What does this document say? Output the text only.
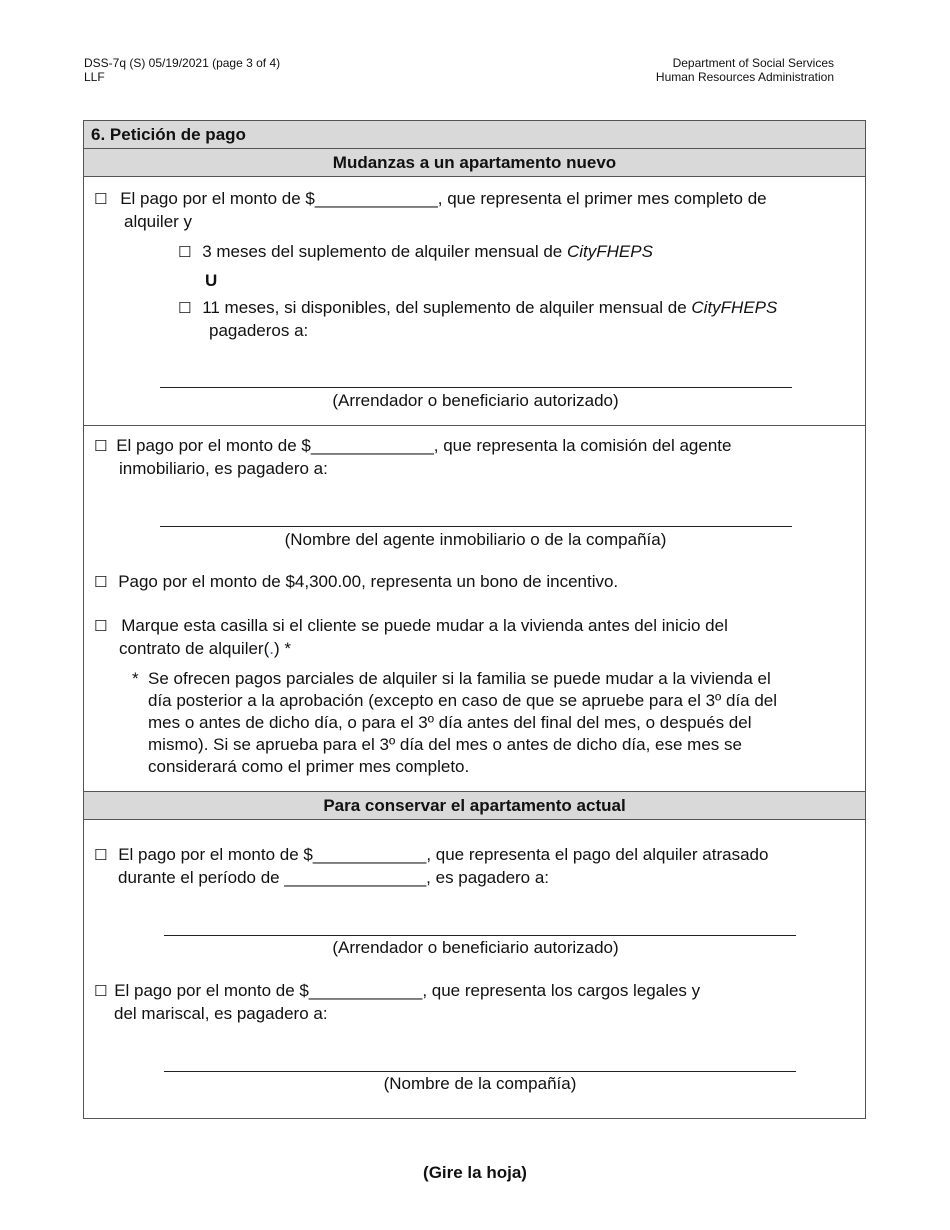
DSS-7q (S) 05/19/2021 (page 3 of 4)
LLF
Department of Social Services
Human Resources Administration
6. Petición de pago
Mudanzas a un apartamento nuevo
☐ El pago por el monto de $_____________, que representa el primer mes completo de
alquiler y
☐ 3 meses del suplemento de alquiler mensual de CityFHEPS
U
☐ 11 meses, si disponibles, del suplemento de alquiler mensual de CityFHEPS
pagaderos a:
(Arrendador o beneficiario autorizado)
☐ El pago por el monto de $_____________, que representa la comisión del agente
inmobiliario, es pagadero a:
(Nombre del agente inmobiliario o de la compañía)
☐ Pago por el monto de $4,300.00, representa un bono de incentivo.
☐ Marque esta casilla si el cliente se puede mudar a la vivienda antes del inicio del
contrato de alquiler(.) *
* Se ofrecen pagos parciales de alquiler si la familia se puede mudar a la vivienda el
día posterior a la aprobación (excepto en caso de que se apruebe para el 3º día del
mes o antes de dicho día, o para el 3º día antes del final del mes, o después del
mismo). Si se aprueba para el 3º día del mes o antes de dicho día, ese mes se
considerará como el primer mes completo.
Para conservar el apartamento actual
☐ El pago por el monto de $____________, que representa el pago del alquiler atrasado
durante el período de _______________, es pagadero a:
(Arrendador o beneficiario autorizado)
☐ El pago por el monto de $____________, que representa los cargos legales y
del mariscal, es pagadero a:
(Nombre de la compañía)
(Gire la hoja)
